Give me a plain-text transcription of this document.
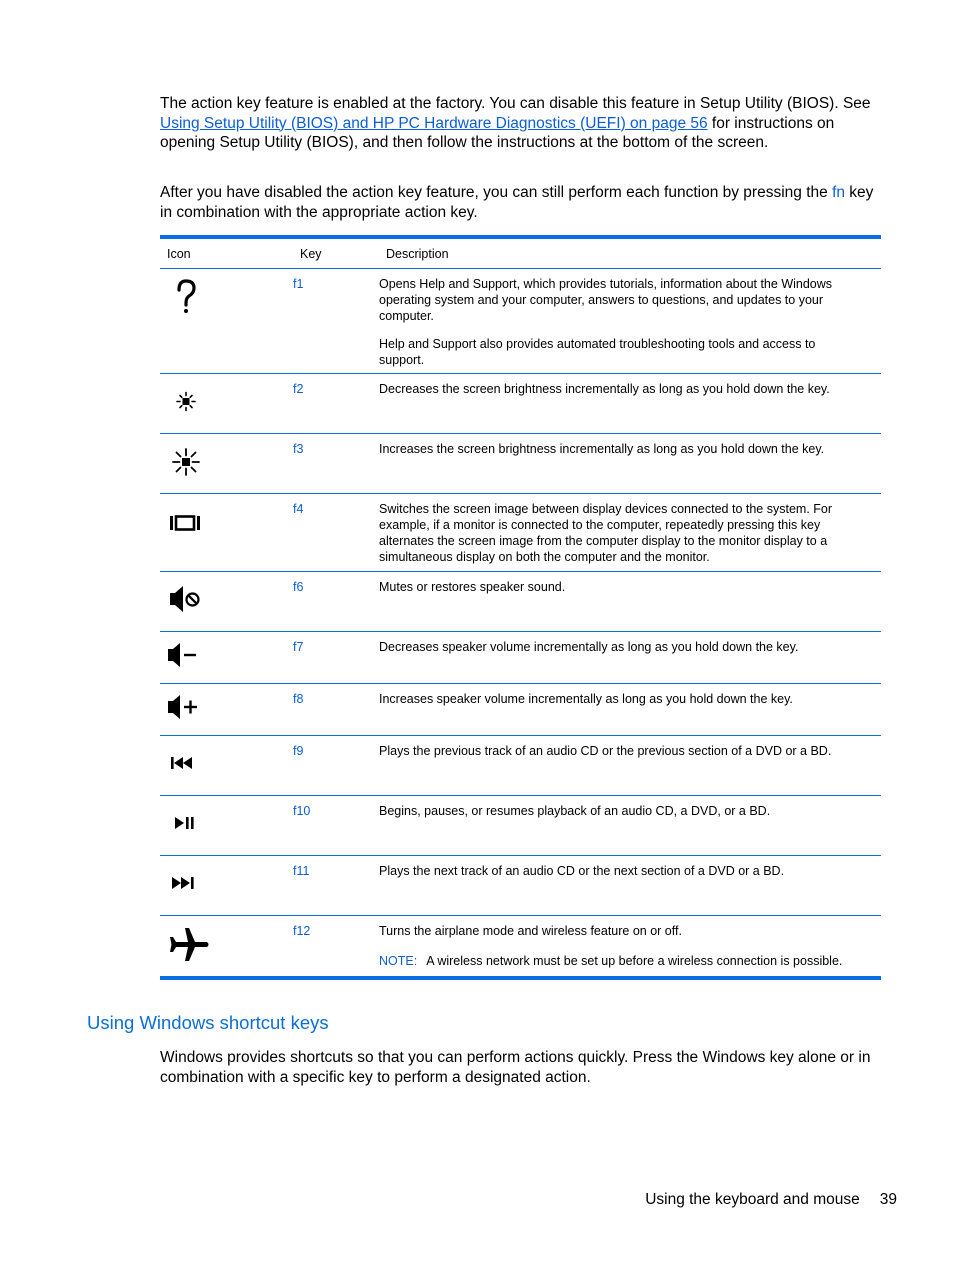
The action key feature is enabled at the factory. You can disable this feature in Setup Utility (BIOS). See Using Setup Utility (BIOS) and HP PC Hardware Diagnostics (UEFI) on page 56 for instructions on opening Setup Utility (BIOS), and then follow the instructions at the bottom of the screen.

After you have disabled the action key feature, you can still perform each function by pressing the fn key in combination with the appropriate action key.

Icon	Key	Description

	f1	Opens Help and Support, which provides tutorials, information about the Windows operating system and your computer, answers to questions, and updates to your computer.

Help and Support also provides automated troubleshooting tools and access to support.

	f2	Decreases the screen brightness incrementally as long as you hold down the key.

	f3	Increases the screen brightness incrementally as long as you hold down the key.

	f4	Switches the screen image between display devices connected to the system. For example, if a monitor is connected to the computer, repeatedly pressing this key alternates the screen image from the computer display to the monitor display to a simultaneous display on both the computer and the monitor.

	f6	Mutes or restores speaker sound.

	f7	Decreases speaker volume incrementally as long as you hold down the key.

	f8	Increases speaker volume incrementally as long as you hold down the key.

	f9	Plays the previous track of an audio CD or the previous section of a DVD or a BD.

	f10	Begins, pauses, or resumes playback of an audio CD, a DVD, or a BD.

	f11	Plays the next track of an audio CD or the next section of a DVD or a BD.

	f12	Turns the airplane mode and wireless feature on or off.

NOTE: A wireless network must be set up before a wireless connection is possible.

Using Windows shortcut keys

Windows provides shortcuts so that you can perform actions quickly. Press the Windows key alone or in combination with a specific key to perform a designated action.

Using the keyboard and mouse 39
